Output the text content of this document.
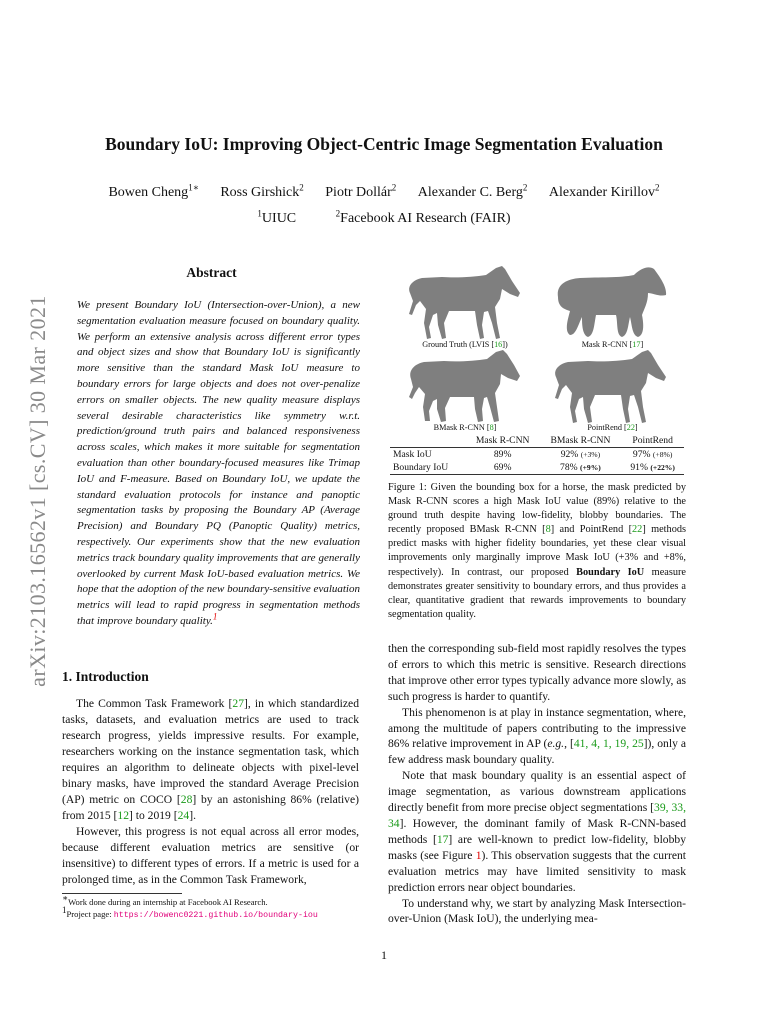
Boundary IoU: Improving Object-Centric Image Segmentation Evaluation
Bowen Cheng$^{1∗}$ Ross Girshick$^2$ Piotr Dollár$^2$ Alexander C. Berg$^2$ Alexander Kirillov$^2$
$^1$UIUC	$^2$Facebook AI Research (FAIR)
arXiv:2103.16562v1 [cs.CV] 30 Mar 2021
Abstract
We present Boundary IoU (Intersection-over-Union), a new segmentation evaluation measure focused on boundary quality. We perform an extensive analysis across different error types and object sizes and show that Boundary IoU is significantly more sensitive than the standard Mask IoU measure to boundary errors for large objects and does not over-penalize errors on smaller objects. The new quality measure displays several desirable characteristics like symmetry w.r.t. prediction/ground truth pairs and balanced responsiveness across scales, which makes it more suitable for segmentation evaluation than other boundary-focused measures like Trimap IoU and F-measure. Based on Boundary IoU, we update the standard evaluation protocols for instance and panoptic segmentation tasks by proposing the Boundary AP (Average Precision) and Boundary PQ (Panoptic Quality) metrics, respectively. Our experiments show that the new evaluation metrics track boundary quality improvements that are generally overlooked by current Mask IoU-based evaluation metrics. We hope that the adoption of the new boundary-sensitive evaluation metrics will lead to rapid progress in segmentation methods that improve boundary quality.$^1$
1. Introduction

The Common Task Framework [27], in which standardized tasks, datasets, and evaluation metrics are used to track research progress, yields impressive results. For example, researchers working on the instance segmentation task, which requires an algorithm to delineate objects with pixel-level binary masks, have improved the standard Average Precision (AP) metric on COCO [28] by an astonishing 86% (relative) from 2015 [12] to 2019 [24].

However, this progress is not equal across all error modes, because different evaluation metrics are sensitive (or insensitive) to different types of errors. If a metric is used for a prolonged time, as in the Common Task Framework,

∗Work done during an internship at Facebook AI Research.
$^1$Project page: https://bowenc0221.github.io/boundary-iou
1
Ground Truth (LVIS [16])	Mask R-CNN [17]
BMask R-CNN [8]	PointRend [22]
	Mask R-CNN	BMask R-CNN	PointRend
Mask IoU	89%	92% (+3%)	97% (+8%)
Boundary IoU	69%	78% (+9%)	91% (+22%)
Figure 1: Given the bounding box for a horse, the mask predicted by Mask R-CNN scores a high Mask IoU value (89%) relative to the ground truth despite having low-fidelity, blobby boundaries. The recently proposed BMask R-CNN [8] and PointRend [22] methods predict masks with higher fidelity boundaries, yet these clear visual improvements only marginally improve Mask IoU (+3% and +8%, respectively). In contrast, our proposed Boundary IoU measure demonstrates greater sensitivity to boundary errors, and thus provides a clear, quantitative gradient that rewards improvements to boundary segmentation quality.

then the corresponding sub-field most rapidly resolves the types of errors to which this metric is sensitive. Research directions that improve other error types typically advance more slowly, as such progress is harder to quantify.

This phenomenon is at play in instance segmentation, where, among the multitude of papers contributing to the impressive 86% relative improvement in AP (e.g., [41, 4, 1, 19, 25]), only a few address mask boundary quality.

Note that mask boundary quality is an essential aspect of image segmentation, as various downstream applications directly benefit from more precise object segmentations [39, 33, 34]. However, the dominant family of Mask R-CNN-based methods [17] are well-known to predict low-fidelity, blobby masks (see Figure 1). This observation suggests that the current evaluation metrics may have limited sensitivity to mask prediction errors near object boundaries.

To understand why, we start by analyzing Mask Intersection-over-Union (Mask IoU), the underlying mea-
